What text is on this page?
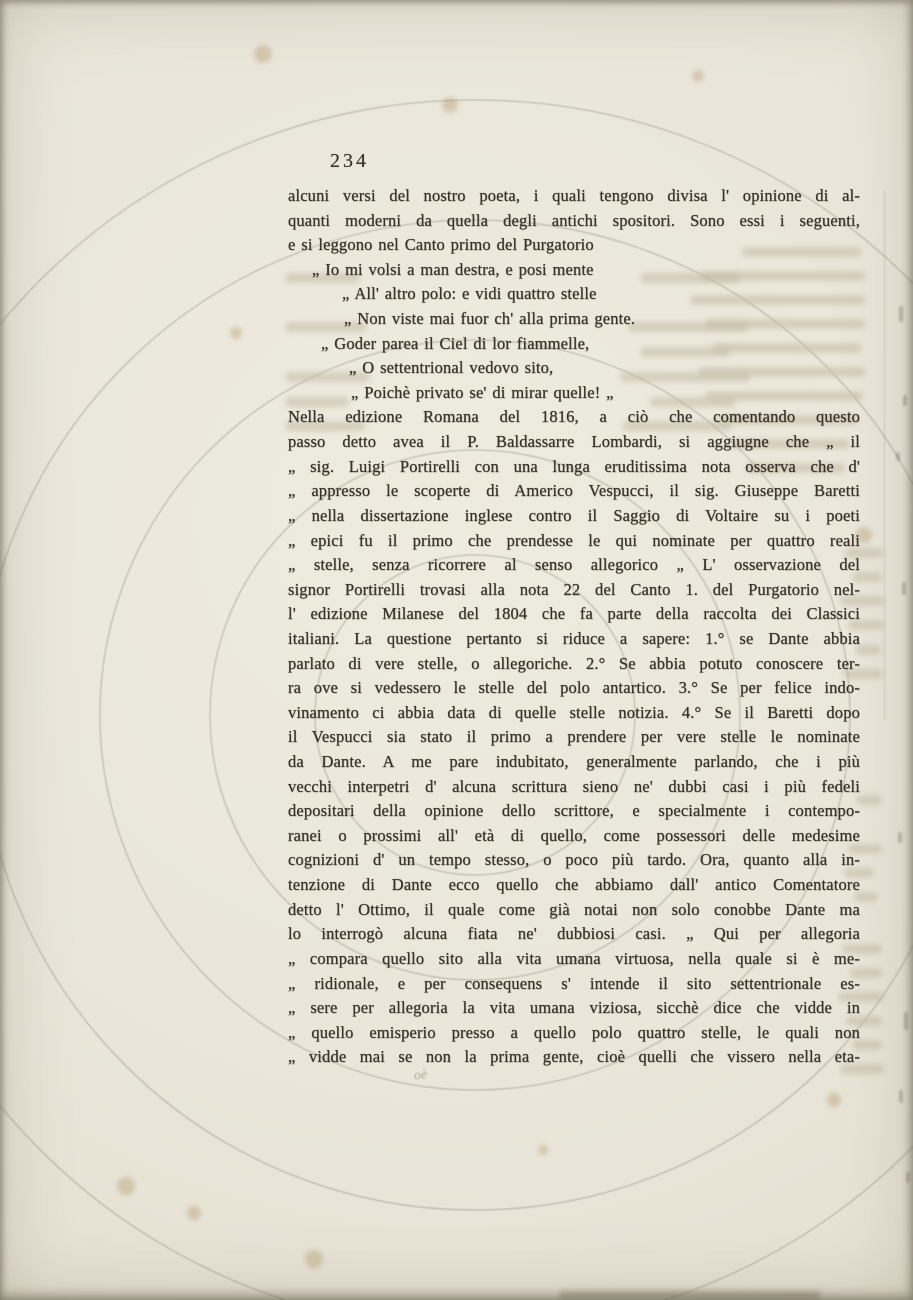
234
alcuni versi del nostro poeta, i quali tengono divisa l' opinione di al-
quanti moderni da quella degli antichi spositori. Sono essi i seguenti,
e si leggono nel Canto primo del Purgatorio
„ Io mi volsi a man destra, e posi mente
„ All' altro polo: e vidi quattro stelle
„ Non viste mai fuor ch' alla prima gente.
„ Goder parea il Ciel di lor fiammelle,
„ O settentrional vedovo sito,
„ Poichè privato se' di mirar quelle! „
Nella edizione Romana del 1816, a ciò che comentando questo
passo detto avea il P. Baldassarre Lombardi, si aggiugne che „ il
„ sig. Luigi Portirelli con una lunga eruditissima nota osserva che d'
„ appresso le scoperte di Americo Vespucci, il sig. Giuseppe Baretti
„ nella dissertazione inglese contro il Saggio di Voltaire su i poeti
„ epici fu il primo che prendesse le qui nominate per quattro reali
„ stelle, senza ricorrere al senso allegorico „ L' osservazione del
signor Portirelli trovasi alla nota 22 del Canto 1. del Purgatorio nel-
l' edizione Milanese del 1804 che fa parte della raccolta dei Classici
italiani. La questione pertanto si riduce a sapere: 1.° se Dante abbia
parlato di vere stelle, o allegoriche. 2.° Se abbia potuto conoscere ter-
ra ove si vedessero le stelle del polo antartico. 3.° Se per felice indo-
vinamento ci abbia data di quelle stelle notizia. 4.° Se il Baretti dopo
il Vespucci sia stato il primo a prendere per vere stelle le nominate
da Dante. A me pare indubitato, generalmente parlando, che i più
vecchi interpetri d' alcuna scrittura sieno ne' dubbi casi i più fedeli
depositari della opinione dello scrittore, e specialmente i contempo-
ranei o prossimi all' età di quello, come possessori delle medesime
cognizioni d' un tempo stesso, o poco più tardo. Ora, quanto alla in-
tenzione di Dante ecco quello che abbiamo dall' antico Comentatore
detto l' Ottimo, il quale come già notai non solo conobbe Dante ma
lo interrogò alcuna fiata ne' dubbiosi casi. „ Qui per allegoria
„ compara quello sito alla vita umana virtuosa, nella quale si è me-
„ ridionale, e per consequens s' intende il sito settentrionale es-
„ sere per allegoria la vita umana viziosa, sicchè dice che vidde in
„ quello emisperio presso a quello polo quattro stelle, le quali non
„ vidde mai se non la prima gente, cioè quelli che vissero nella eta-
oè
